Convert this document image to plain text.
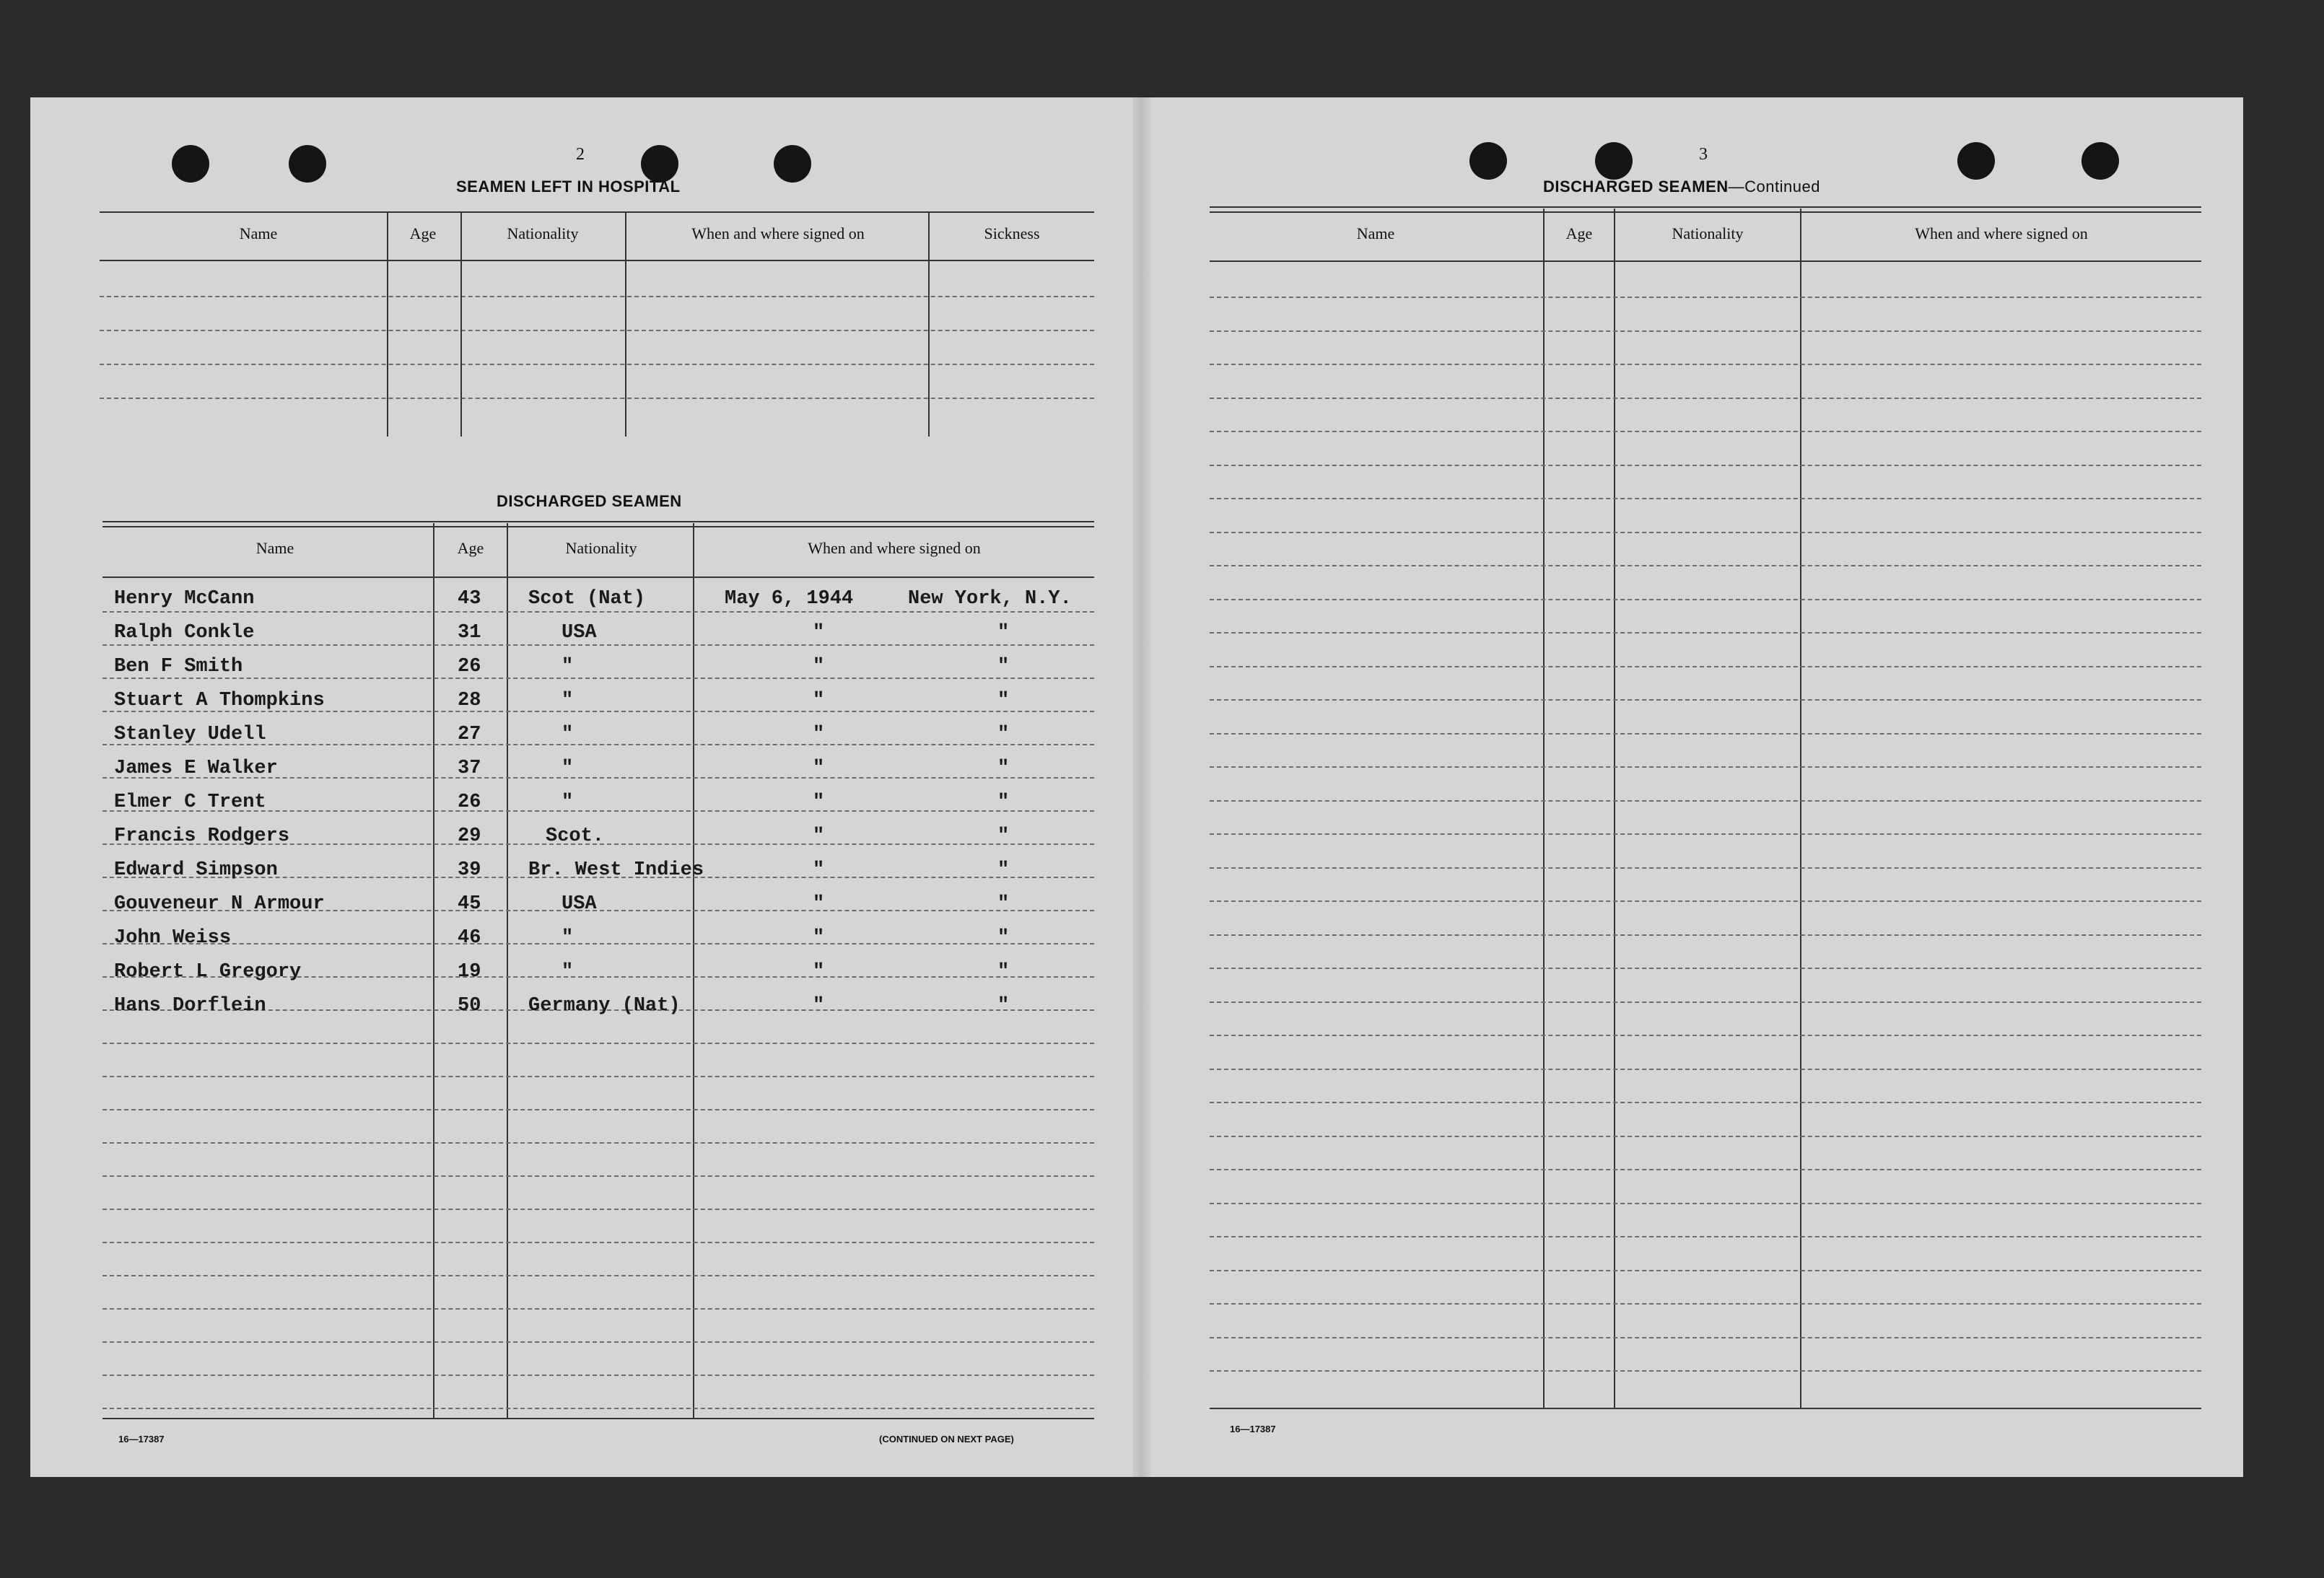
2
SEAMEN LEFT IN HOSPITAL
Name	Age	Nationality	When and where signed on	Sickness
DISCHARGED SEAMEN
Name	Age	Nationality	When and where signed on
Henry McCann	43 Scot (Nat)	May 6, 1944	New York, N.Y.
Ralph Conkle	31	USA	"	"
Ben F Smith	26	"	"	"
Stuart A Thompkins	28	"	"	"
Stanley Udell	27	"	"	"
James E Walker	37	"	"	"
Elmer C Trent	26	"	"	"
Francis Rodgers	29	Scot.	"	"
Edward Simpson	39 Br. West Indies	"	"
Gouveneur N Armour	45	USA	"	"
John Weiss	46	"	"	"
Robert L Gregory	19	"	"	"
Hans Dorflein	50 Germany (Nat)	"	"
16—17387	(CONTINUED ON NEXT PAGE)
3
DISCHARGED SEAMEN—Continued
Name	Age	Nationality	When and where signed on
16—17387
